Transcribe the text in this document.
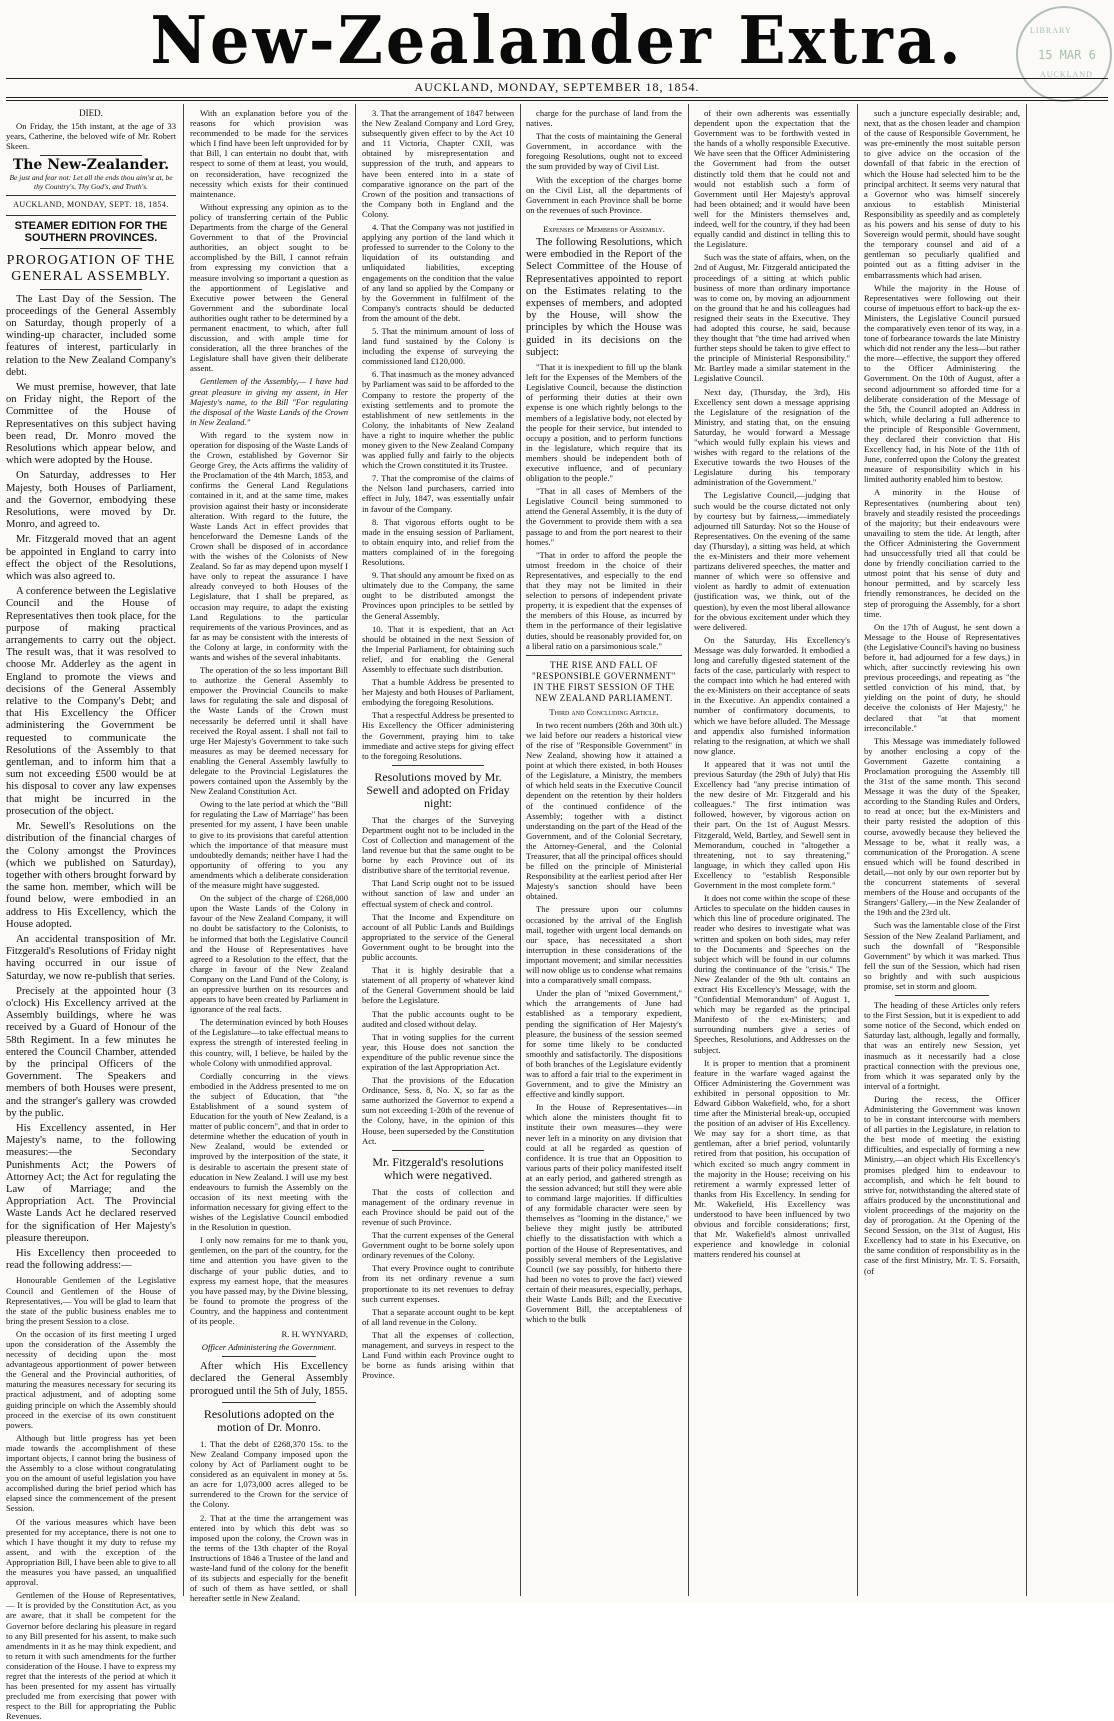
New-Zealander Extra.	LIBRARY
15 MAR 6
AUCKLAND
AUCKLAND, MONDAY, SEPTEMBER 18, 1854.

DIED.

On Friday, the 15th instant, at the age of 33 years, Catherine, the beloved wife of Mr. Robert Skeen.

The New-Zealander.

Be just and fear not: Let all the ends thou aim'st at, be thy Country's, Thy God's, and Truth's.

AUCKLAND, MONDAY, SEPT. 18, 1854.

STEAMER EDITION FOR THE SOUTHERN PROVINCES.
PROROGATION OF THE GENERAL ASSEMBLY.

The Last Day of the Session. The proceedings of the General Assembly on Saturday, though properly of a winding-up character, included some features of interest, particularly in relation to the New Zealand Company's debt.

We must premise, however, that late on Friday night, the Report of the Committee of the House of Representatives on this subject having been read, Dr. Monro moved the Resolutions which appear below, and which were adopted by the House.

On Saturday, addresses to Her Majesty, both Houses of Parliament, and the Governor, embodying these Resolutions, were moved by Dr. Monro, and agreed to.

Mr. Fitzgerald moved that an agent be appointed in England to carry into effect the object of the Resolutions, which was also agreed to.

A conference between the Legislative Council and the House of Representatives then took place, for the purpose of making practical arrangements to carry out the object. The result was, that it was resolved to choose Mr. Adderley as the agent in England to promote the views and decisions of the General Assembly relative to the Company's Debt; and that His Excellency the Officer administering the Government be requested to communicate the Resolutions of the Assembly to that gentleman, and to inform him that a sum not exceeding £500 would be at his disposal to cover any law expenses that might be incurred in the prosecution of the object.

Mr. Sewell's Resolutions on the distribution of the financial charges of the Colony amongst the Provinces (which we published on Saturday), together with others brought forward by the same hon. member, which will be found below, were embodied in an address to His Excellency, which the House adopted.

An accidental transposition of Mr. Fitzgerald's Resolutions of Friday night having occurred in our issue of Saturday, we now re-publish that series.

Precisely at the appointed hour (3 o'clock) His Excellency arrived at the Assembly buildings, where he was received by a Guard of Honour of the 58th Regiment. In a few minutes he entered the Council Chamber, attended by the principal Officers of the Government. The Speakers and members of both Houses were present, and the stranger's gallery was crowded by the public.

His Excellency assented, in Her Majesty's name, to the following measures:—the Secondary Punishments Act; the Powers of Attorney Act; the Act for regulating the Law of Marriage; and the Appropriation Act. The Provincial Waste Lands Act he declared reserved for the signification of Her Majesty's pleasure thereupon.

His Excellency then proceeded to read the following address:—

Honourable Gentlemen of the Legislative Council and Gentlemen of the House of Representatives,— You will be glad to learn that the state of the public business enables me to bring the present Session to a close.

On the occasion of its first meeting I urged upon the consideration of the Assembly the necessity of deciding upon the most advantageous apportionment of power between the General and the Provincial authorities, of maturing the measures necessary for securing its practical adjustment, and of adopting some guiding principle on which the Assembly should proceed in the exercise of its own constituent powers.

Although but little progress has yet been made towards the accomplishment of these important objects, I cannot bring the business of the Assembly to a close without congratulating you on the amount of useful legislation you have accomplished during the brief period which has elapsed since the commencement of the present Session.

Of the various measures which have been presented for my acceptance, there is not one to which I have thought it my duty to refuse my assent, and with the exception of the Appropriation Bill, I have been able to give to all the measures you have passed, an unqualified approval.

Gentlemen of the House of Representatives,— It is provided by the Constitution Act, as you are aware, that it shall be competent for the Governor before declaring his pleasure in regard to any Bill presented for his assent, to make such amendments in it as he may think expedient, and to return it with such amendments for the further consideration of the House. I have to express my regret that the interests of the period at which it has been presented for my assent has virtually precluded me from exercising that power with respect to the Bill for appropriating the Public Revenues.

With an explanation before you of the reasons for which provision was recommended to be made for the services which I find have been left unprovided for by that Bill, I can entertain no doubt that, with respect to some of them at least, you would, on reconsideration, have recognized the necessity which exists for their continued maintenance.

Without expressing any opinion as to the policy of transferring certain of the Public Departments from the charge of the General Government to that of the Provincial authorities, an object sought to be accomplished by the Bill, I cannot refrain from expressing my conviction that a measure involving so important a question as the apportionment of Legislative and Executive power between the General Government and the subordinate local authorities ought rather to be determined by a permanent enactment, to which, after full discussion, and with ample time for consideration, all the three branches of the Legislature shall have given their deliberate assent.

Gentlemen of the Assembly,— I have had great pleasure in giving my assent, in Her Majesty's name, to the Bill "For regulating the disposal of the Waste Lands of the Crown in New Zealand."

With regard to the system now in operation for disposing of the Waste Lands of the Crown, established by Governor Sir George Grey, the Acts affirms the validity of the Proclamation of the 4th March, 1853, and confirms the General Land Regulations contained in it, and at the same time, makes provision against their hasty or inconsiderate alteration. With regard to the future, the Waste Lands Act in effect provides that henceforward the Demesne Lands of the Crown shall be disposed of in accordance with the wishes of the Colonists of New Zealand. So far as may depend upon myself I have only to repeat the assurance I have already conveyed to both Houses of the Legislature, that I shall be prepared, as occasion may require, to adapt the existing Land Regulations to the particular requirements of the various Provinces, and as far as may be consistent with the interests of the Colony at large, in conformity with the wants and wishes of the several inhabitants.

The operation of the so less important Bill to authorize the General Assembly to empower the Provincial Councils to make laws for regulating the sale and disposal of the Waste Lands of the Crown must necessarily be deferred until it shall have received the Royal assent. I shall not fail to urge Her Majesty's Government to take such measures as may be deemed necessary for enabling the General Assembly lawfully to delegate to the Provincial Legislatures the powers contained upon the Assembly by the New Zealand Constitution Act.

Owing to the late period at which the "Bill for regulating the Law of Marriage" has been presented for my assent, I have been unable to give to its provisions that careful attention which the importance of that measure must undoubtedly demands; neither have I had the opportunity of offering to you any amendments which a deliberate consideration of the measure might have suggested.

On the subject of the charge of £268,000 upon the Waste Lands of the Colony in favour of the New Zealand Company, it will no doubt be satisfactory to the Colonists, to be informed that both the Legislative Council and the House of Representatives have agreed to a Resolution to the effect, that the charge in favour of the New Zealand Company on the Land Fund of the Colony, is an oppressive burthen on its resources and appears to have been created by Parliament in ignorance of the real facts.

The determination evinced by both Houses of the Legislature—to take effectual means to express the strength of interested feeling in this country, will, I believe, be hailed by the whole Colony with unmodified approval.

Cordially concurring in the views embodied in the Address presented to me on the subject of Education, that "the Establishment of a sound system of Education for the youth of New Zealand, is a matter of public concern", and that in order to determine whether the education of youth in New Zealand, would be extended or improved by the interposition of the state, it is desirable to ascertain the present state of education in New Zealand. I will use my best endeavours to furnish the Assembly on the occasion of its next meeting with the information necessary for giving effect to the wishes of the Legislative Council embodied in the Resolution in question.

I only now remains for me to thank you, gentlemen, on the part of the country, for the time and attention you have given to the discharge of your public duties, and to express my earnest hope, that the measures you have passed may, by the Divine blessing, be found to promote the progress of the Country, and the happiness and contentment of its people.

R. H. WYNYARD,

Officer Administering the Government.

After which His Excellency declared the General Assembly prorogued until the 5th of July, 1855.

Resolutions adopted on the motion of Dr. Monro.

1. That the debt of £268,370 15s. to the New Zealand Company imposed upon the colony by Act of Parliament ought to be considered as an equivalent in money at 5s. an acre for 1,073,000 acres alleged to be surrendered to the Crown for the service of the Colony.

2. That at the time the arrangement was entered into by which this debt was so imposed upon the colony, the Crown was in the terms of the 13th chapter of the Royal Instructions of 1846 a Trustee of the land and waste-land fund of the colony for the benefit of its subjects and especially for the benefit of such of them as have settled, or shall hereafter settle in New Zealand.

3. That the arrangement of 1847 between the New Zealand Company and Lord Grey, subsequently given effect to by the Act 10 and 11 Victoria, Chapter CXII, was obtained by misrepresentation and suppression of the truth, and appears to have been entered into in a state of comparative ignorance on the part of the Crown of the position and transactions of the Company both in England and the Colony.

4. That the Company was not justified in applying any portion of the land which it professed to surrender to the Colony to the liquidation of its outstanding and unliquidated liabilities, excepting engagements on the condition that the value of any land so applied by the Company or by the Government in fulfilment of the Company's contracts should be deducted from the amount of the debt.

5. That the minimum amount of loss of land fund sustained by the Colony is including the expense of surveying the commissioned land £120,000.

6. That inasmuch as the money advanced by Parliament was said to be afforded to the Company to restore the property of the existing settlements and to promote the establishment of new settlements in the Colony, the inhabitants of New Zealand have a right to inquire whether the public money given to the New Zealand Company was applied fully and fairly to the objects which the Crown constituted it its Trustee.

7. That the compromise of the claims of the Nelson land purchasers, carried into effect in July, 1847, was essentially unfair in favour of the Company.

8. That vigorous efforts ought to be made in the ensuing session of Parliament, to obtain enquiry into, and relief from the matters complained of in the foregoing Resolutions.

9. That should any amount be fixed on as ultimately due to the Company, the same ought to be distributed amongst the Provinces upon principles to be settled by the General Assembly.

10. That it is expedient, that an Act should be obtained in the next Session of the Imperial Parliament, for obtaining such relief, and for enabling the General Assembly to effectuate such distribution.

That a humble Address be presented to her Majesty and both Houses of Parliament, embodying the foregoing Resolutions.

That a respectful Address be presented to His Excellency the Officer administering the Government, praying him to take immediate and active steps for giving effect to the foregoing Resolutions.

Resolutions moved by Mr. Sewell and adopted on Friday night:

That the charges of the Surveying Department ought not to be included in the Cost of Collection and management of the land revenue but that the same ought to be borne by each Province out of its distributive share of the territorial revenue.

That Land Scrip ought not to be issued without sanction of law and under an effectual system of check and control.

That the Income and Expenditure on account of all Public Lands and Buildings appropriated to the service of the General Government ought to be brought into the public accounts.

That it is highly desirable that a statement of all property of whatever kind of the General Government should be laid before the Legislature.

That the public accounts ought to be audited and closed without delay.

That in voting supplies for the current year, this House does not sanction the expenditure of the public revenue since the expiration of the last Appropriation Act.

That the provisions of the Education Ordinance, Sess. 8, No. X, so far as the same authorized the Governor to expend a sum not exceeding 1-20th of the revenue of the Colony, have, in the opinion of this House, been superseded by the Constitution Act.

Mr. Fitzgerald's resolutions which were negatived.

That the costs of collection and management of the ordinary revenue in each Province should be paid out of the revenue of such Province.

That the current expenses of the General Government ought to be borne solely upon ordinary revenues of the Colony.

That every Province ought to contribute from its net ordinary revenue a sum proportionate to its net revenues to defray such current expenses.

That a separate account ought to be kept of all land revenue in the Colony.

That all the expenses of collection, management, and surveys in respect to the Land Fund within each Province ought to be borne as funds arising within that Province.

charge for the purchase of land from the natives.

That the costs of maintaining the General Government, in accordance with the foregoing Resolutions, ought not to exceed the sum provided by way of Civil List.

With the exception of the charges borne on the Civil List, all the departments of Government in each Province shall be borne on the revenues of such Province.

Expenses of Members of Assembly.

The following Resolutions, which were embodied in the Report of the Select Committee of the House of Representatives appointed to report on the Estimates relating to the expenses of members, and adopted by the House, will show the principles by which the House was guided in its decisions on the subject:

"That it is inexpedient to fill up the blank left for the Expenses of the Members of the Legislative Council, because the distinction of performing their duties at their own expense is one which rightly belongs to the members of a legislative body, not elected by the people for their service, but intended to occupy a position, and to perform functions in the legislature, which require that its members should be independent both of executive influence, and of pecuniary obligation to the people."

"That in all cases of Members of the Legislative Council being summoned to attend the General Assembly, it is the duty of the Government to provide them with a sea passage to and from the port nearest to their homes."

"That in order to afford the people the utmost freedom in the choice of their Representatives, and especially to the end that they may not be limited in their selection to persons of independent private property, it is expedient that the expenses of the members of this House, as incurred by them in the performance of their legislative duties, should be reasonably provided for, on a liberal ratio on a parsimonious scale."

THE RISE AND FALL OF "RESPONSIBLE GOVERNMENT" IN THE FIRST SESSION OF THE NEW ZEALAND PARLIAMENT.

Third and Concluding Article.

In two recent numbers (26th and 30th ult.) we laid before our readers a historical view of the rise of "Responsible Government" in New Zealand, showing how it attained a point at which there existed, in both Houses of the Legislature, a Ministry, the members of which held seats in the Executive Council dependent on the retention by their holders of the continued confidence of the Assembly; together with a distinct understanding on the part of the Head of the Government, and of the Colonial Secretary, the Attorney-General, and the Colonial Treasurer, that all the principal offices should be filled on the principle of Ministerial Responsibility at the earliest period after Her Majesty's sanction should have been obtained.

The pressure upon our columns occasioned by the arrival of the English mail, together with urgent local demands on our space, has necessitated a short interruption in these considerations of the important movement; and similar necessities will now oblige us to condense what remains into a comparatively small compass.

Under the plan of "mixed Government," which the arrangements of June had established as a temporary expedient, pending the signification of Her Majesty's pleasure, the business of the session seemed for some time likely to be conducted smoothly and satisfactorily. The dispositions of both branches of the Legislature evidently was to afford a fair trial to the experiment in Government, and to give the Ministry an effective and kindly support.

In the House of Representatives—in which alone the ministers thought fit to institute their own measures—they were never left in a minority on any division that could at all be regarded as question of confidence. It is true that an Opposition to various parts of their policy manifested itself at an early period, and gathered strength as the session advanced; but still they were able to command large majorities. If difficulties of any formidable character were seen by themselves as "looming in the distance," we believe they might justly be attributed chiefly to the dissatisfaction with which a portion of the House of Representatives, and possibly several members of the Legislative Council (we say possibly, for hitherto there had been no votes to prove the fact) viewed certain of their measures, especially, perhaps, their Waste Lands Bill; and the Executive Government Bill, the acceptableness of which to the bulk

of their own adherents was essentially dependent upon the expectation that the Government was to be forthwith vested in the hands of a wholly responsible Executive. We have seen that the Officer Administering the Government had from the outset distinctly told them that he could not and would not establish such a form of Government until Her Majesty's approval had been obtained; and it would have been well for the Ministers themselves and, indeed, well for the country, if they had been equally candid and distinct in telling this to the Legislature.

Such was the state of affairs, when, on the 2nd of August, Mr. Fitzgerald anticipated the proceedings of a sitting at which public business of more than ordinary importance was to come on, by moving an adjournment on the ground that he and his colleagues had resigned their seats in the Executive. They had adopted this course, he said, because they thought that "the time had arrived when further steps should be taken to give effect to the principle of Ministerial Responsibility." Mr. Bartley made a similar statement in the Legislative Council.

Next day, (Thursday, the 3rd), His Excellency sent down a message apprising the Legislature of the resignation of the Ministry, and stating that, on the ensuing Saturday, he would forward a Message "which would fully explain his views and wishes with regard to the relations of the Executive towards the two Houses of the Legislature during his temporary administration of the Government."

The Legislative Council,—judging that such would be the course dictated not only by courtesy but by fairness,—immediately adjourned till Saturday. Not so the House of Representatives. On the evening of the same day (Thursday), a sitting was held, at which the ex-Ministers and their more vehement partizans delivered speeches, the matter and manner of which were so offensive and violent as hardly to admit of extenuation (justification was, we think, out of the question), by even the most liberal allowance for the obvious excitement under which they were delivered.

On the Saturday, His Excellency's Message was duly forwarded. It embodied a long and carefully digested statement of the facts of the case, particularly with respect to the compact into which he had entered with the ex-Ministers on their acceptance of seats in the Executive. An appendix contained a number of confirmatory documents, to which we have before alluded. The Message and appendix also furnished information relating to the resignation, at which we shall now glance.

It appeared that it was not until the previous Saturday (the 29th of July) that His Excellency had "any precise intimation of the new desire of Mr. Fitzgerald and his colleagues." The first intimation was followed, however, by vigorous action on their part. On the 1st of August Messrs. Fitzgerald, Weld, Bartley, and Sewell sent in Memorandum, couched in "altogether a threatening, not to say threatening," language, in which they called upon His Excellency to "establish Responsible Government in the most complete form."

It does not come within the scope of these Articles to speculate on the hidden causes in which this line of procedure originated. The reader who desires to investigate what was written and spoken on both sides, may refer to the Documents and Speeches on the subject which will be found in our columns during the continuance of the "crisis." The New Zealander of the 9th ult. contains an extract His Excellency's Message, with the "Confidential Memorandum" of August 1, which may be regarded as the principal Manifesto of the ex-Ministers; and surrounding numbers give a series of Speeches, Resolutions, and Addresses on the subject.

It is proper to mention that a prominent feature in the warfare waged against the Officer Administering the Government was exhibited in personal opposition to Mr. Edward Gibbon Wakefield, who, for a short time after the Ministerial break-up, occupied the position of an adviser of His Excellency. We may say for a short time, as that gentleman, after a brief period, voluntarily retired from that position, his occupation of which excited so much angry comment in the majority in the House; receiving on his retirement a warmly expressed letter of thanks from His Excellency. In sending for Mr. Wakefield, His Excellency was understood to have been influenced by two obvious and forcible considerations; first, that Mr. Wakefield's almost unrivalled experience and knowledge in colonial matters rendered his counsel at

such a juncture especially desirable; and, next, that as the chosen leader and champion of the cause of Responsible Government, he was pre-eminently the most suitable person to give advice on the occasion of the downfall of that fabric in the erection of which the House had selected him to be the principal architect. It seems very natural that a Governor who was himself sincerely anxious to establish Ministerial Responsibility as speedily and as completely as his powers and his sense of duty to his Sovereign would permit, should have sought the temporary counsel and aid of a gentleman so peculiarly qualified and pointed out as a fitting adviser in the embarrassments which had arisen.

While the majority in the House of Representatives were following out their course of impetuous effort to back-up the ex-Ministers, the Legislative Council pursued the comparatively even tenor of its way, in a tone of forbearance towards the late Ministry which did not render any the less—but rather the more—effective, the support they offered to the Officer Administering the Government. On the 10th of August, after a second adjournment so afforded time for a deliberate consideration of the Message of the 5th, the Council adopted an Address in which, while declaring a full adherence to the principle of Responsible Government, they declared their conviction that His Excellency had, in his Note of the 11th of June, conferred upon the Colony the greatest measure of responsibility which in his limited authority enabled him to bestow.

A minority in the House of Representatives (numbering about ten) bravely and steadily resisted the proceedings of the majority; but their endeavours were unavailing to stem the tide. At length, after the Officer Administering the Government had unsuccessfully tried all that could be done by friendly conciliation carried to the utmost point that his sense of duty and honour permitted, and by scarcely less friendly remonstrances, he decided on the step of proroguing the Assembly, for a short time.

On the 17th of August, he sent down a Message to the House of Representatives (the Legislative Council's having no business before it, had adjourned for a few days,) in which, after succinctly reviewing his own previous proceedings, and repeating as "the settled conviction of his mind, that, by yielding on the point of duty, he should deceive the colonists of Her Majesty," he declared that "at that moment irreconcilable."

This Message was immediately followed by another enclosing a copy of the Government Gazette containing a Proclamation proroguing the Assembly till the 31st of the same month. This second Message it was the duty of the Speaker, according to the Standing Rules and Orders, to read at once; but the ex-Ministers and their party resisted the adoption of this course, avowedly because they believed the Message to be, what it really was, a communication of the Prorogation. A scene ensued which will be found described in detail,—not only by our own reporter but by the concurrent statements of several members of the House and occupants of the Strangers' Gallery,—in the New Zealander of the 19th and the 23rd ult.

Such was the lamentable close of the First Session of the New Zealand Parliament, and such the downfall of "Responsible Government" by which it was marked. Thus fell the sun of the Session, which had risen so brightly and with such auspicious promise, set in storm and gloom.

The heading of these Articles only refers to the First Session, but it is expedient to add some notice of the Second, which ended on Saturday last, although, legally and formally, that was an entirely new Session, yet inasmuch as it necessarily had a close practical connection with the previous one, from which it was separated only by the interval of a fortnight.

During the recess, the Officer Administering the Government was known to be in constant intercourse with members of all parties in the Legislature, in relation to the best mode of meeting the existing difficulties, and especially of forming a new Ministry,—an object which His Excellency's promises pledged him to endeavour to accomplish, and which he felt bound to strive for, notwithstanding the altered state of affairs produced by the unconstitutional and violent proceedings of the majority on the day of prorogation. At the Opening of the Second Session, on the 31st of August, His Excellency had to state in his Executive, on the same condition of responsibility as in the case of the first Ministry, Mr. T. S. Forsaith, (of
